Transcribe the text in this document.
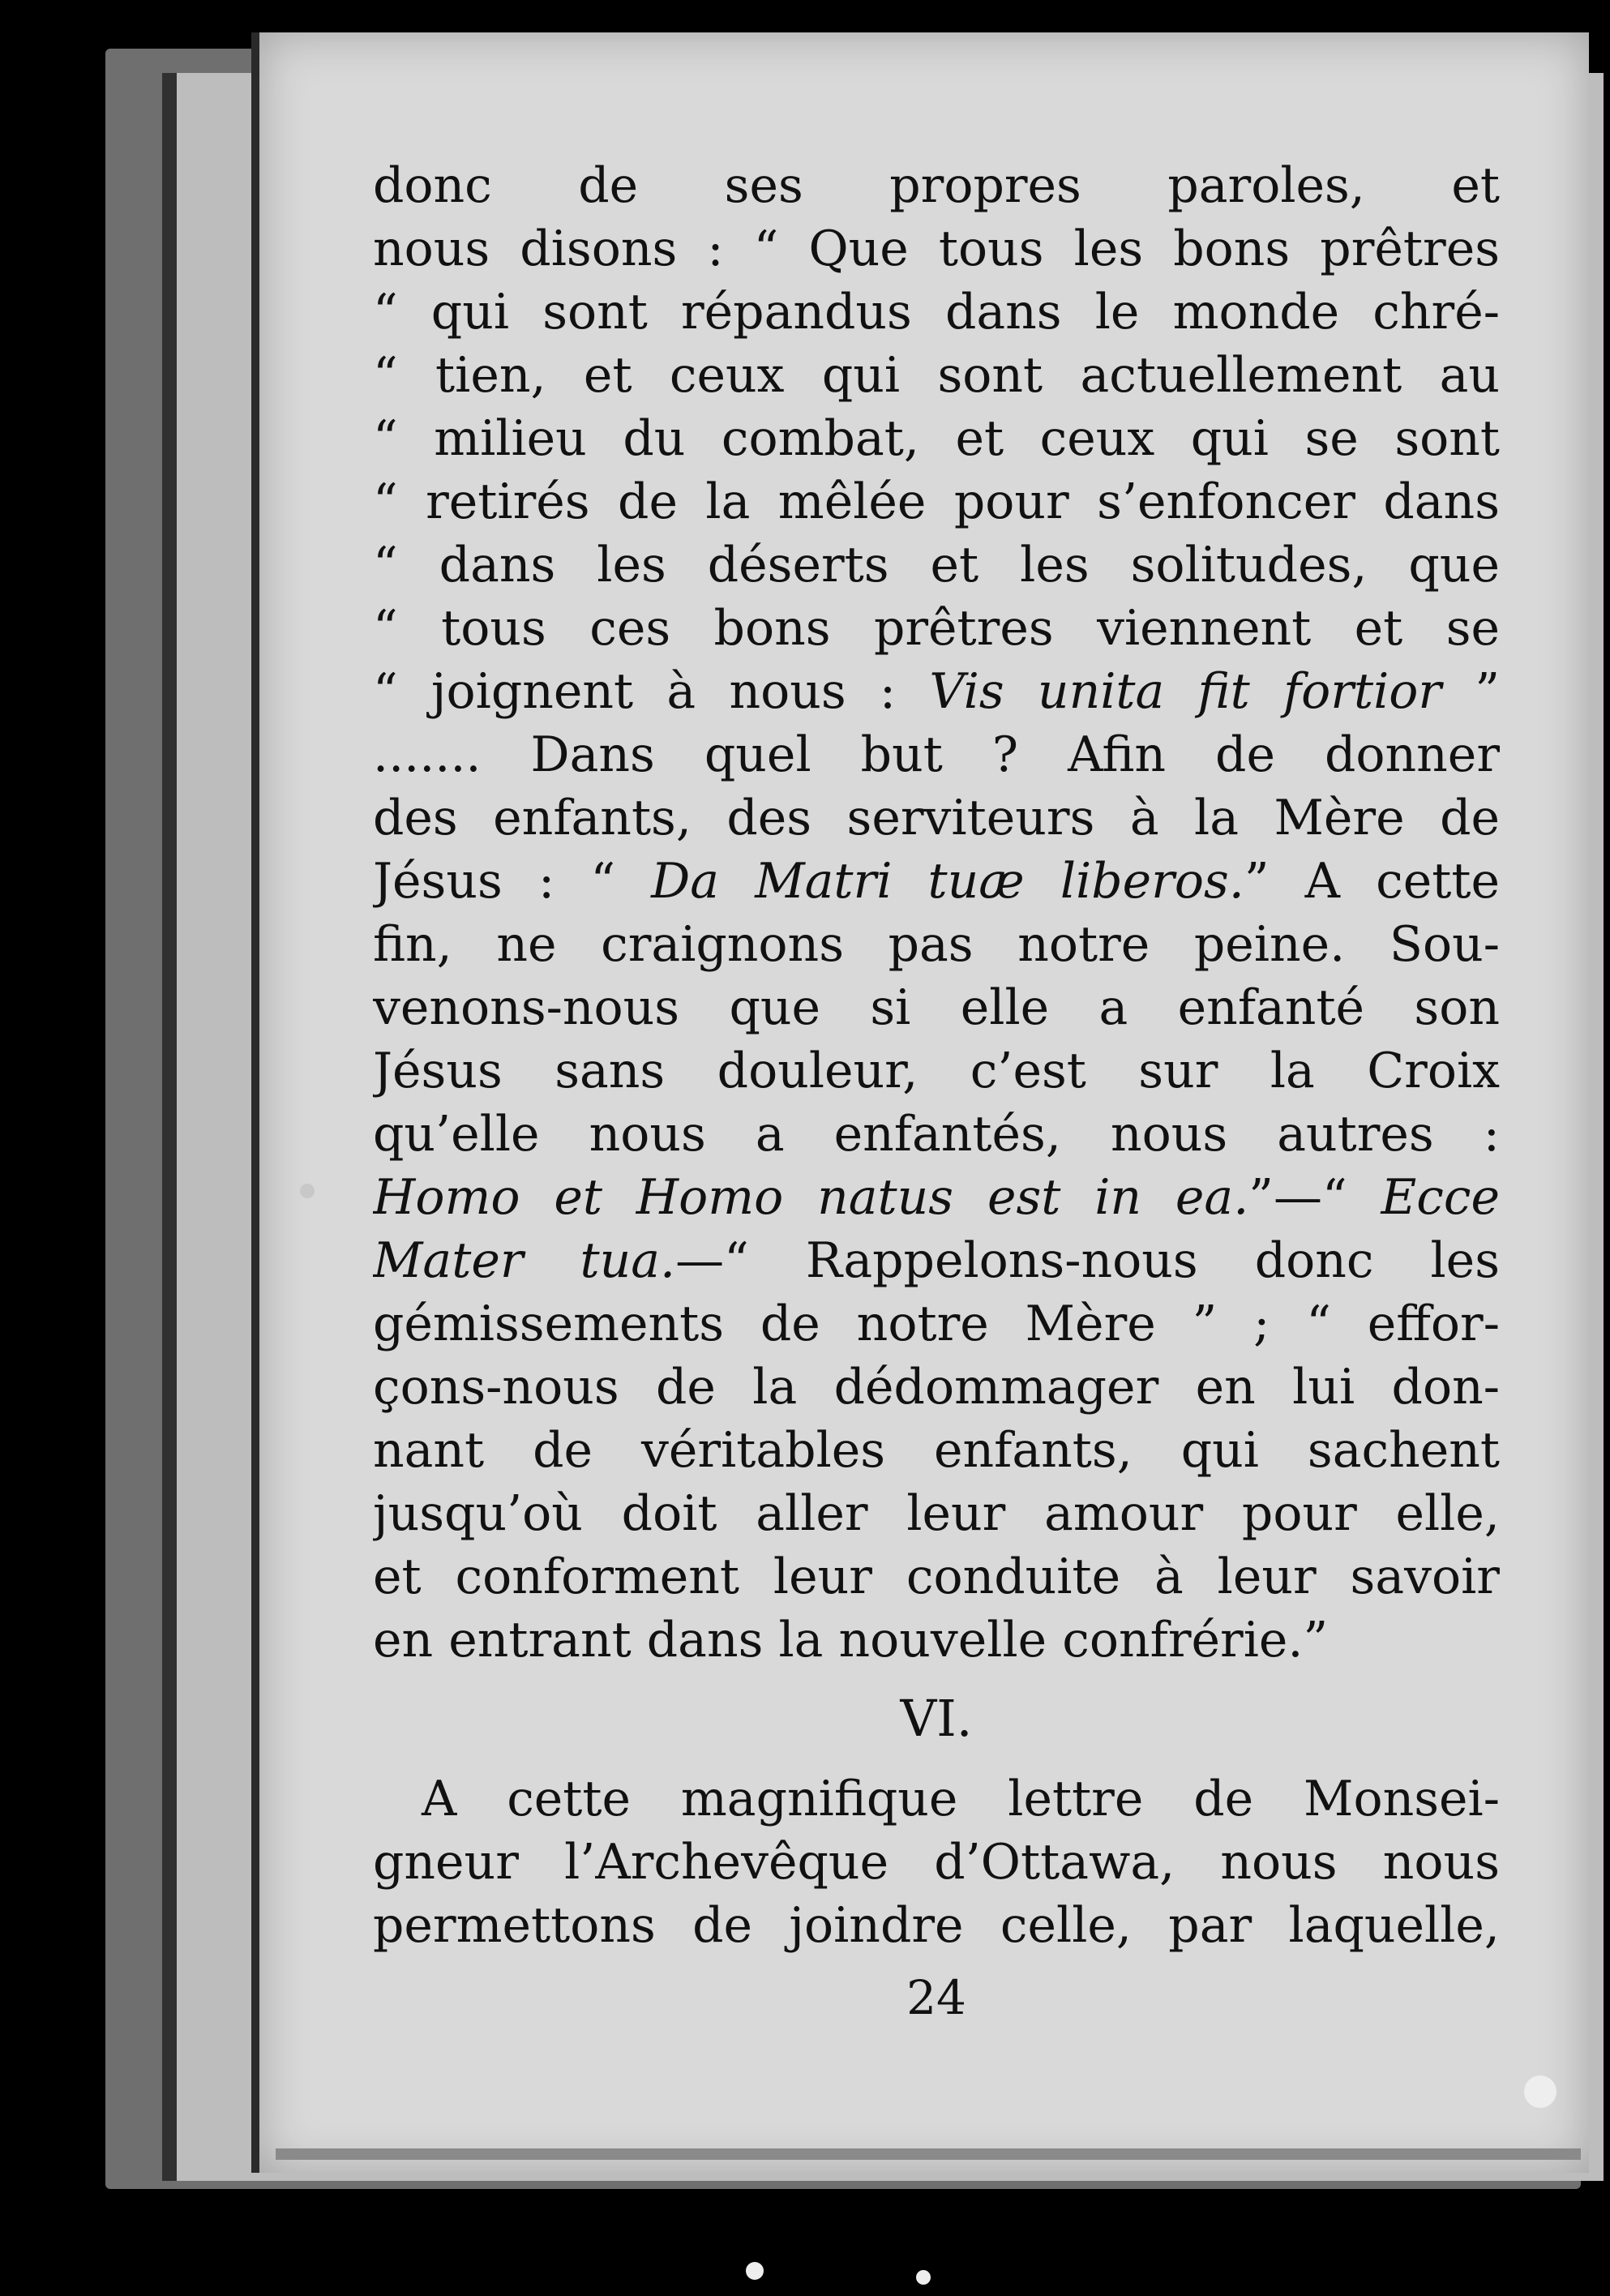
donc de ses propres paroles, et
nous disons : “ Que tous les bons prêtres
“ qui sont répandus dans le monde chré-
“ tien, et ceux qui sont actuellement au
“ milieu du combat, et ceux qui se sont
“ retirés de la mêlée pour s’enfoncer dans
“ dans les déserts et les solitudes, que
“ tous ces bons prêtres viennent et se
“ joignent à nous : Vis unita fit fortior ”
....... Dans quel but ? Afin de donner
des enfants, des serviteurs à la Mère de
Jésus : “ Da Matri tuæ liberos.” A cette
fin, ne craignons pas notre peine. Sou-
venons-nous que si elle a enfanté son
Jésus sans douleur, c’est sur la Croix
qu’elle nous a enfantés, nous autres :
Homo et Homo natus est in ea.”—“ Ecce
Mater tua.—“ Rappelons-nous donc les
gémissements de notre Mère ” ; “ effor-
çons-nous de la dédommager en lui don-
nant de véritables enfants, qui sachent
jusqu’où doit aller leur amour pour elle,
et conforment leur conduite à leur savoir
en entrant dans la nouvelle confrérie.”
VI.
A cette magnifique lettre de Monsei-
gneur l’Archevêque d’Ottawa, nous nous
permettons de joindre celle, par laquelle,
24
